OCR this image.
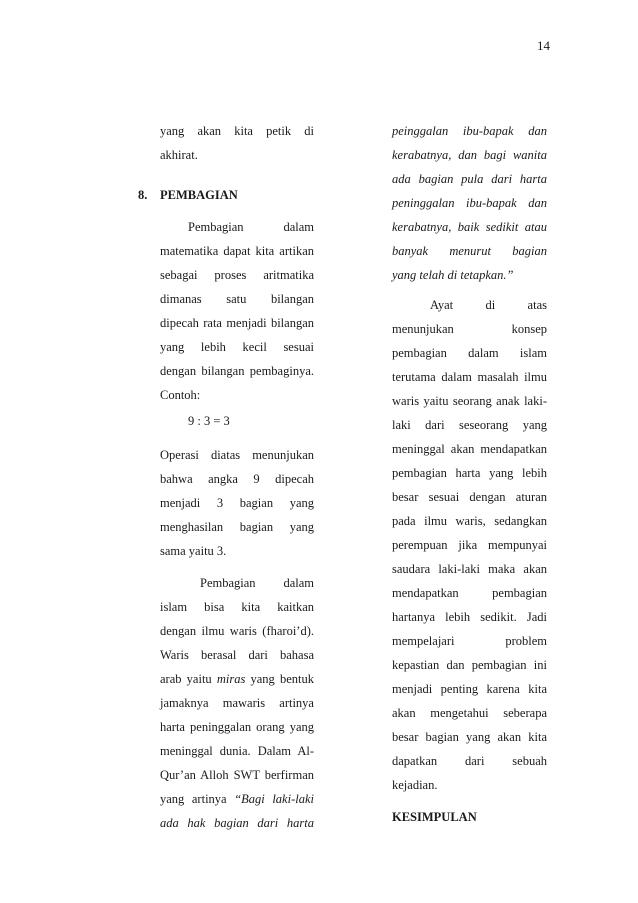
14
yang akan kita petik di
akhirat.
8. PEMBAGIAN
Pembagian dalam
matematika dapat kita artikan
sebagai proses aritmatika
dimanas satu bilangan
dipecah rata menjadi bilangan
yang lebih kecil sesuai
dengan bilangan pembaginya.
Contoh:
9 : 3 = 3
Operasi diatas menunjukan
bahwa angka 9 dipecah
menjadi 3 bagian yang
menghasilan bagian yang
sama yaitu 3.
Pembagian dalam
islam bisa kita kaitkan
dengan ilmu waris (fharoi’d).
Waris berasal dari bahasa
arab yaitu miras yang bentuk
jamaknya mawaris artinya
harta peninggalan orang yang
meninggal dunia. Dalam Al-
Qur’an Alloh SWT berfirman
yang artinya “Bagi laki-laki
ada hak bagian dari harta
peinggalan ibu-bapak dan
kerabatnya, dan bagi wanita
ada bagian pula dari harta
peninggalan ibu-bapak dan
kerabatnya, baik sedikit atau
banyak menurut bagian
yang telah di tetapkan.”
Ayat di atas
menunjukan konsep
pembagian dalam islam
terutama dalam masalah ilmu
waris yaitu seorang anak laki-
laki dari seseorang yang
meninggal akan mendapatkan
pembagian harta yang lebih
besar sesuai dengan aturan
pada ilmu waris, sedangkan
perempuan jika mempunyai
saudara laki-laki maka akan
mendapatkan pembagian
hartanya lebih sedikit. Jadi
mempelajari problem
kepastian dan pembagian ini
menjadi penting karena kita
akan mengetahui seberapa
besar bagian yang akan kita
dapatkan dari sebuah
kejadian.
KESIMPULAN
